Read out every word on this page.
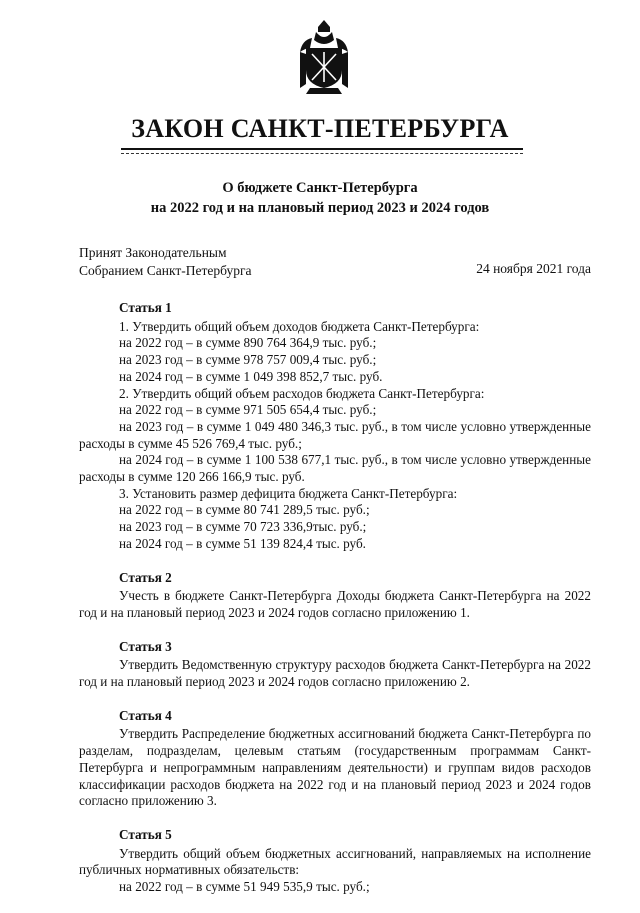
ЗАКОН САНКТ-ПЕТЕРБУРГА
О бюджете Санкт-Петербурга
на 2022 год и на плановый период 2023 и 2024 годов
Принят Законодательным
Собранием Санкт-Петербурга	24 ноября 2021 года
Статья 1
1. Утвердить общий объем доходов бюджета Санкт-Петербурга:
на 2022 год – в сумме 890 764 364,9 тыс. руб.;
на 2023 год – в сумме 978 757 009,4 тыс. руб.;
на 2024 год – в сумме 1 049 398 852,7 тыс. руб.
2. Утвердить общий объем расходов бюджета Санкт-Петербурга:
на 2022 год – в сумме 971 505 654,4 тыс. руб.;
на 2023 год – в сумме 1 049 480 346,3 тыс. руб., в том числе условно утвержденные расходы в сумме 45 526 769,4 тыс. руб.;
на 2024 год – в сумме 1 100 538 677,1 тыс. руб., в том числе условно утвержденные расходы в сумме 120 266 166,9 тыс. руб.
3. Установить размер дефицита бюджета Санкт-Петербурга:
на 2022 год – в сумме 80 741 289,5 тыс. руб.;
на 2023 год – в сумме 70 723 336,9тыс. руб.;
на 2024 год – в сумме 51 139 824,4 тыс. руб.
Статья 2
Учесть в бюджете Санкт-Петербурга Доходы бюджета Санкт-Петербурга на 2022 год и на плановый период 2023 и 2024 годов согласно приложению 1.
Статья 3
Утвердить Ведомственную структуру расходов бюджета Санкт-Петербурга на 2022 год и на плановый период 2023 и 2024 годов согласно приложению 2.
Статья 4
Утвердить Распределение бюджетных ассигнований бюджета Санкт-Петербурга по разделам, подразделам, целевым статьям (государственным программам Санкт-Петербурга и непрограммным направлениям деятельности) и группам видов расходов классификации расходов бюджета на 2022 год и на плановый период 2023 и 2024 годов согласно приложению 3.
Статья 5
Утвердить общий объем бюджетных ассигнований, направляемых на исполнение публичных нормативных обязательств:
на 2022 год – в сумме 51 949 535,9 тыс. руб.;
